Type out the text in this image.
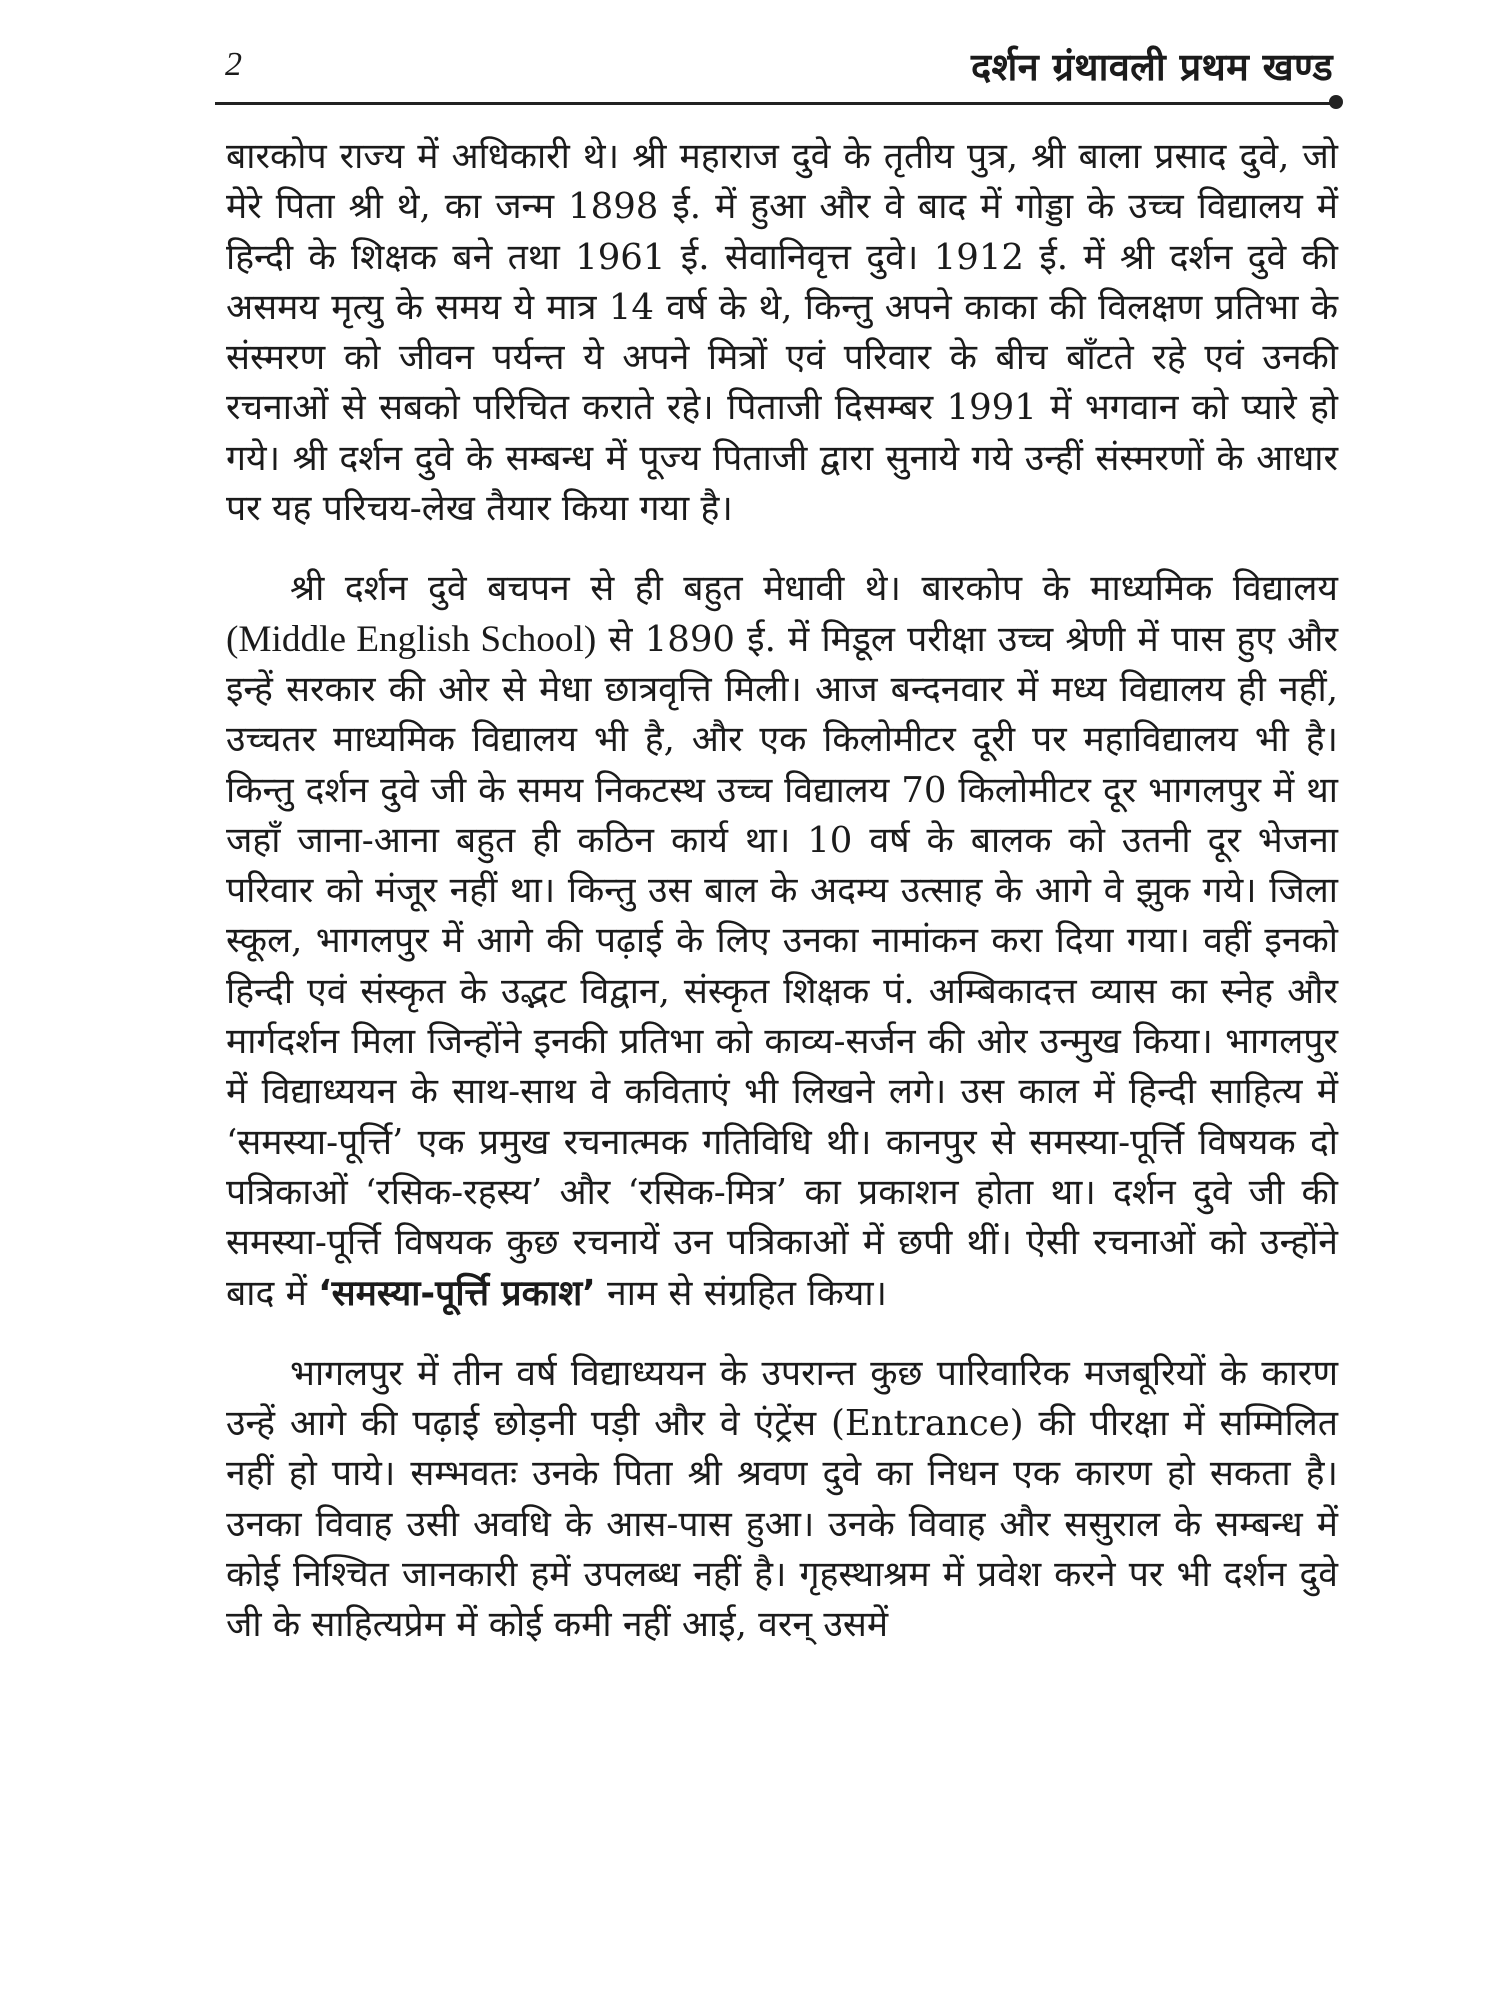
2	दर्शन ग्रंथावली प्रथम खण्ड

बारकोप राज्य में अधिकारी थे। श्री महाराज दुवे के तृतीय पुत्र, श्री बाला प्रसाद दुवे, जो मेरे पिता श्री थे, का जन्म 1898 ई. में हुआ और वे बाद में गोड्डा के उच्च विद्यालय में हिन्दी के शिक्षक बने तथा 1961 ई. सेवानिवृत्त दुवे। 1912 ई. में श्री दर्शन दुवे की असमय मृत्यु के समय ये मात्र 14 वर्ष के थे, किन्तु अपने काका की विलक्षण प्रतिभा के संस्मरण को जीवन पर्यन्त ये अपने मित्रों एवं परिवार के बीच बाँटते रहे एवं उनकी रचनाओं से सबको परिचित कराते रहे। पिताजी दिसम्बर 1991 में भगवान को प्यारे हो गये। श्री दर्शन दुवे के सम्बन्ध में पूज्य पिताजी द्वारा सुनाये गये उन्हीं संस्मरणों के आधार पर यह परिचय-लेख तैयार किया गया है।

श्री दर्शन दुवे बचपन से ही बहुत मेधावी थे। बारकोप के माध्यमिक विद्यालय (Middle English School) से 1890 ई. में मिडूल परीक्षा उच्च श्रेणी में पास हुए और इन्हें सरकार की ओर से मेधा छात्रवृत्ति मिली। आज बन्दनवार में मध्य विद्यालय ही नहीं, उच्चतर माध्यमिक विद्यालय भी है, और एक किलोमीटर दूरी पर महाविद्यालय भी है। किन्तु दर्शन दुवे जी के समय निकटस्थ उच्च विद्यालय 70 किलोमीटर दूर भागलपुर में था जहाँ जाना-आना बहुत ही कठिन कार्य था। 10 वर्ष के बालक को उतनी दूर भेजना परिवार को मंजूर नहीं था। किन्तु उस बाल के अदम्य उत्साह के आगे वे झुक गये। जिला स्कूल, भागलपुर में आगे की पढ़ाई के लिए उनका नामांकन करा दिया गया। वहीं इनको हिन्दी एवं संस्कृत के उद्भट विद्वान, संस्कृत शिक्षक पं. अम्बिकादत्त व्यास का स्नेह और मार्गदर्शन मिला जिन्होंने इनकी प्रतिभा को काव्य-सर्जन की ओर उन्मुख किया। भागलपुर में विद्याध्ययन के साथ-साथ वे कविताएं भी लिखने लगे। उस काल में हिन्दी साहित्य में ‘समस्या-पूर्त्ति’ एक प्रमुख रचनात्मक गतिविधि थी। कानपुर से समस्या-पूर्त्ति विषयक दो पत्रिकाओं ‘रसिक-रहस्य’ और ‘रसिक-मित्र’ का प्रकाशन होता था। दर्शन दुवे जी की समस्या-पूर्त्ति विषयक कुछ रचनायें उन पत्रिकाओं में छपी थीं। ऐसी रचनाओं को उन्होंने बाद में ‘समस्या-पूर्त्ति प्रकाश’ नाम से संग्रहित किया।

भागलपुर में तीन वर्ष विद्याध्ययन के उपरान्त कुछ पारिवारिक मजबूरियों के कारण उन्हें आगे की पढ़ाई छोड़नी पड़ी और वे एंट्रेंस (Entrance) की पीरक्षा में सम्मिलित नहीं हो पाये। सम्भवतः उनके पिता श्री श्रवण दुवे का निधन एक कारण हो सकता है। उनका विवाह उसी अवधि के आस-पास हुआ। उनके विवाह और ससुराल के सम्बन्ध में कोई निश्चित जानकारी हमें उपलब्ध नहीं है। गृहस्थाश्रम में प्रवेश करने पर भी दर्शन दुवे जी के साहित्यप्रेम में कोई कमी नहीं आई, वरन् उसमें
